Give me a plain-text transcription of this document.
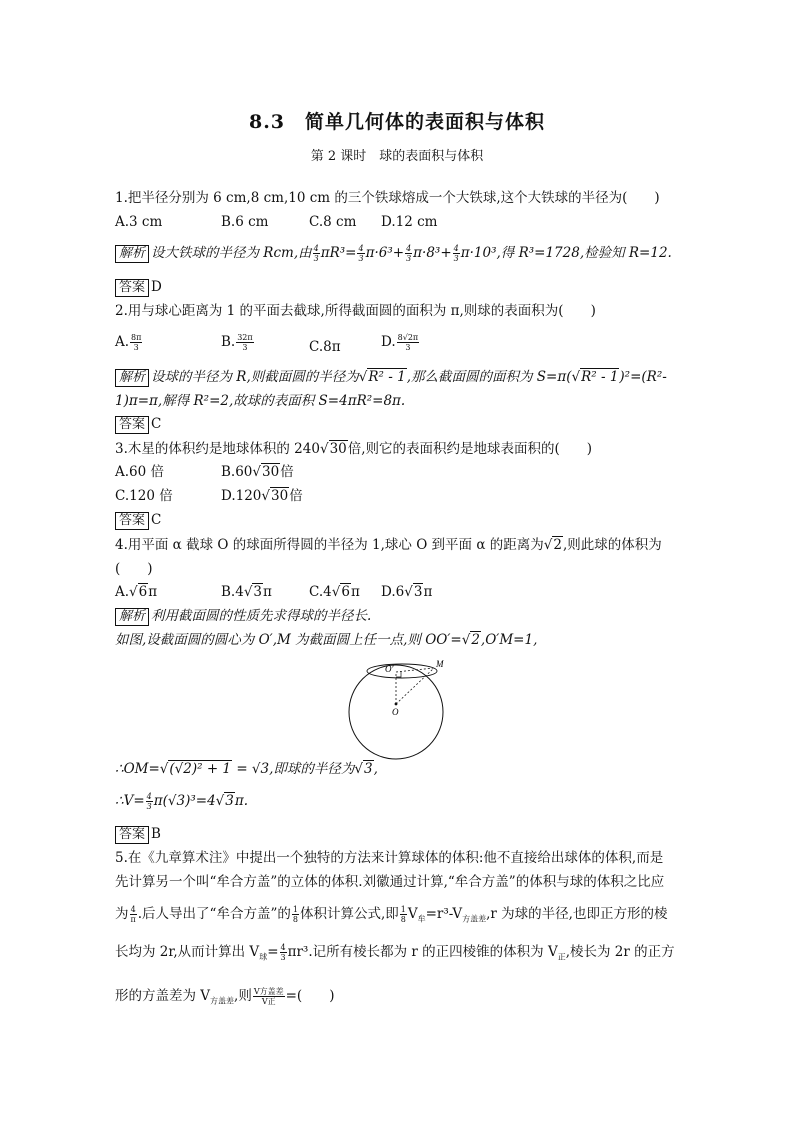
8.3　简单几何体的表面积与体积
第 2 课时　球的表面积与体积
1.把半径分别为 6 cm,8 cm,10 cm 的三个铁球熔成一个大铁球,这个大铁球的半径为(　　)
A.3 cm	B.6 cm	C.8 cm D.12 cm
解析 设大铁球的半径为 Rcm,由 $\frac{4}{3} \pi R^3= \frac{4}{3} \pi\cdot 6^3+ \frac{4}{3} \pi\cdot 8^3+ \frac{4}{3} \pi\cdot 10^3$,得 R³=1728,检验知 R=12.
答案 D
2.用与球心距离为 1 的平面去截球,所得截面圆的面积为 π,则球的表面积为(　　)
A. $\frac{8\pi}{3}$	B. $\frac{32\pi}{3}$	C.8π	D. $\frac{8√2\pi}{3}$
解析 设球的半径为 R,则截面圆的半径为√R² - 1,那么截面圆的面积为 S=π(√R² - 1)²=(R²-
1)π=π,解得 R²=2,故球的表面积 S=4πR²=8π.
答案 C
3.木星的体积约是地球体积的 240√30倍,则它的表面积约是地球表面积的(　　)
A.60 倍	B.60√30倍
C.120 倍	D.120√30倍
答案 C
4.用平面 α 截球 O 的球面所得圆的半径为 1,球心 O 到平面 α 的距离为√2,则此球的体积为
(　　)
A.√6π	B.4√3π	C.4√6π D.6√3π
解析 利用截面圆的性质先求得球的半径长.
如图,设截面圆的圆心为 O′,M 为截面圆上任一点,则 OO′=√2,O′M=1,
O′	M
O
∴OM=√(√2)² + 1 = √3,即球的半径为√3,
∴V= $\frac{4}{3} \pi(√3)^3=4√3\pi$.
答案 B
5.在《九章算术注》中提出一个独特的方法来计算球体的体积:他不直接给出球体的体积,而是
先计算另一个叫“牟合方盖”的立体的体积.刘徽通过计算,“牟合方盖”的体积与球的体积之比应
为 $\frac{4}{\pi}$ .后人导出了“牟合方盖”的 $\frac{1}{8}$ 体积计算公式,即 $\frac{1}{8} V_牟=r^3-V_{方盖差},r$ 为球的半径,也即正方形的棱
长均为 2r,从而计算出 $V_球= \frac{4}{3} \pi r^3$.记所有棱长都为 r 的正四棱锥的体积为 $V_正$,棱长为 2r 的正方
形的方盖差为 $V_{方盖差}$,则 $\frac{\text{V方盖差}}{\text{V正}}$ =(　　)
